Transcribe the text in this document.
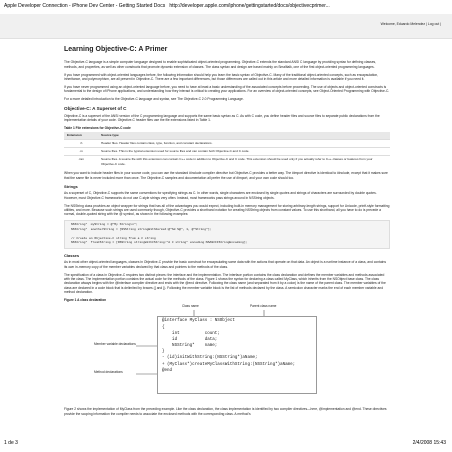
Apple Developer Connection - iPhone Dev Center - Getting Started Docs http://developer.apple.com/iphone/gettingstarted/docs/objectivecprimer...
Welcome, Eduardo Melendez | Log out |
Learning Objective-C: A Primer

The Objective-C language is a simple computer language designed to enable sophisticated object-oriented programming. Objective-C extends the standard ANSI C language by providing syntax for defining classes, methods, and properties, as well as other constructs that promote dynamic extension of classes. The class syntax and design are based mainly on Smalltalk, one of the first object-oriented programming languages.

If you have programmed with object-oriented languages before, the following information should help you learn the basic syntax of Objective-C. Many of the traditional object-oriented concepts, such as encapsulation, inheritance, and polymorphism, are all present in Objective-C. There are a few important differences, but those differences are called out in this article and more detailed information is available if you need it.

If you have never programmed using an object-oriented language before, you need to have at least a basic understanding of the associated concepts before proceeding. The use of objects and object-oriented constructs is fundamental to the design of iPhone applications, and understanding how they interact is critical to creating your applications. For an overview of object-oriented concepts, see Object-Oriented Programming with Objective-C.

For a more detailed introduction to the Objective-C language and syntax, see The Objective-C 2.0 Programming Language.

Objective-C: A Superset of C

Objective-C is a superset of the ANSI version of the C programming language and supports the same basic syntax as C. As with C code, you define header files and source files to separate public declarations from the implementation details of your code. Objective-C header files use the file extensions listed in Table 1.

Table 1 File extensions for Objective-C code
Extension	Source type
.h	Header files. Header files contain class, type, function, and constant declarations.
.m	Source files. This is the typical extension used for source files and can contain both Objective-C and C code.
.mm	Source files. A source file with this extension can contain C++ code in addition to Objective-C and C code. This extension should be used only if you actually refer to C++ classes or features from your Objective-C code.

When you want to include header files in your source code, you can use the standard #include compiler directive but Objective-C provides a better way. The #import directive is identical to #include, except that it makes sure that the same file is never included more than once. The Objective-C samples and documentation all prefer the use of #import, and your own code should too.

Strings

As a superset of C, Objective-C supports the same conventions for specifying strings as C. In other words, single characters are enclosed by single quotes and strings of characters are surrounded by double quotes. However, most Objective-C frameworks do not use C-style strings very often. Instead, most frameworks pass strings around in NSString objects.

The NSString class provides an object wrapper for strings that has all of the advantages you would expect, including built-in memory management for storing arbitrary-length strings, support for Unicode, printf-style formatting utilities, and more. Because such strings are used commonly though, Objective-C provides a shorthand notation for creating NSString objects from constant values. To use this shorthand, all you have to do is precede a normal, double-quoted string with the @ symbol, as shown in the following examples:

NSString*  myString = @"My String\n";
NSString*  anotherString = [NSString stringWithFormat:@"%d %@", 1, @"String"];
// Create an Objective-C string from a C string
NSString*  fromCString = [NSString stringWithCString:"A C string" encoding:NSASCIIStringEncoding];
Classes

As in most other object-oriented languages, classes in Objective-C provide the basic construct for encapsulating some data with the actions that operate on that data. An object is a runtime instance of a class, and contains its own in-memory copy of the member variables declared by that class and pointers to the methods of the class.

The specification of a class in Objective-C requires two distinct pieces: the interface and the implementation. The interface portion contains the class declaration and defines the member variables and methods associated with the class. The implementation portion contains the actual code for the methods of the class. Figure 1 shows the syntax for declaring a class called MyClass, which inherits from the NSObject base class. The class declaration always begins with the @interface compiler directive and ends with the @end directive. Following the class name (and separated from it by a colon) is the name of the parent class. The member variables of the class are declared in a code block that is delimited by braces ({ and }). Following the member variable block is the list of methods declared by the class. A semicolon character marks the end of each member variable and method declaration.

Figure 1 A class declaration
Class name	Parent class name
Member variable declarations
Method declarations
@interface MyClass : NSObject
{
int          count;
id           data;
NSString*    name;
}
- (id)initWithString:(NSString*)aName;
+ (MyClass*)createMyClassWithString:(NSString*)aName;
@end

Figure 2 shows the implementation of MyClass from the preceding example. Like the class declaration, the class implementation is identified by two compiler directives—here, @implementation and @end. These directives provide the scoping information the compiler needs to associate the enclosed methods with the corresponding class. A method's

1 de 3	2/4/2008 15:43
